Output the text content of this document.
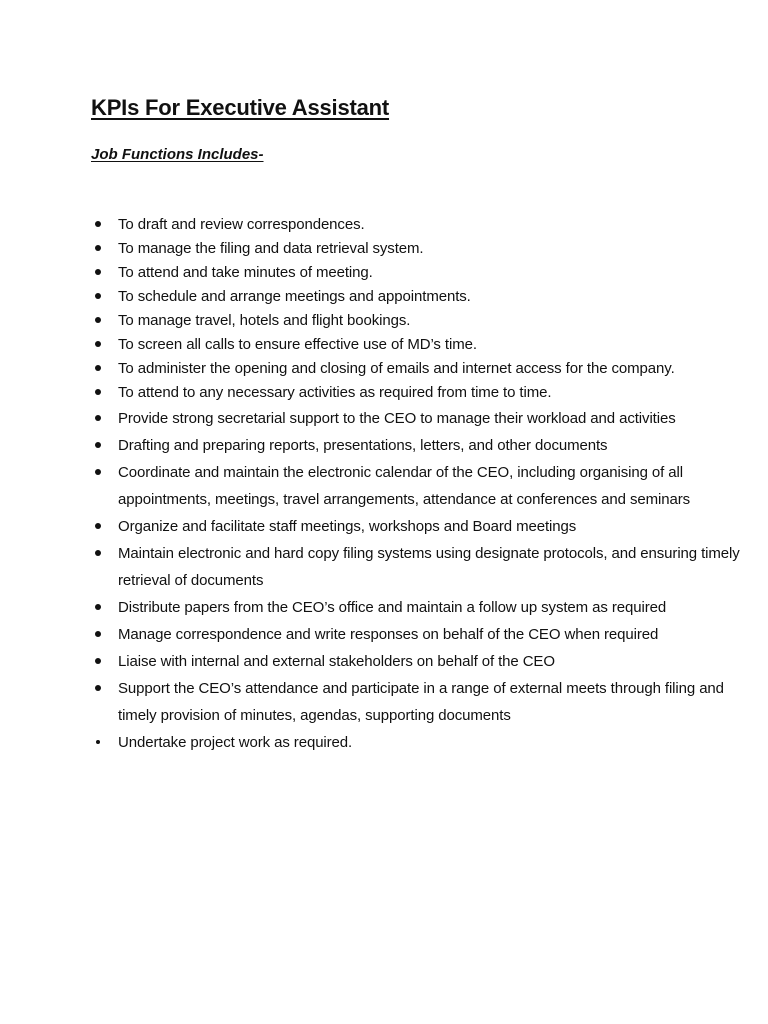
KPIs For Executive Assistant
Job Functions Includes-
To draft and review correspondences.
To manage the filing and data retrieval system.
To attend and take minutes of meeting.
To schedule and arrange meetings and appointments.
To manage travel, hotels and flight bookings.
To screen all calls to ensure effective use of MD’s time.
To administer the opening and closing of emails and internet access for the company.
To attend to any necessary activities as required from time to time.
Provide strong secretarial support to the CEO to manage their workload and activities
Drafting and preparing reports, presentations, letters, and other documents
Coordinate and maintain the electronic calendar of the CEO, including organising of all appointments, meetings, travel arrangements, attendance at conferences and seminars
Organize and facilitate staff meetings, workshops and Board meetings
Maintain electronic and hard copy filing systems using designate protocols, and ensuring timely retrieval of documents
Distribute papers from the CEO’s office and maintain a follow up system as required
Manage correspondence and write responses on behalf of the CEO when required
Liaise with internal and external stakeholders on behalf of the CEO
Support the CEO’s attendance and participate in a range of external meets through filing and timely provision of minutes, agendas, supporting documents
Undertake project work as required.
